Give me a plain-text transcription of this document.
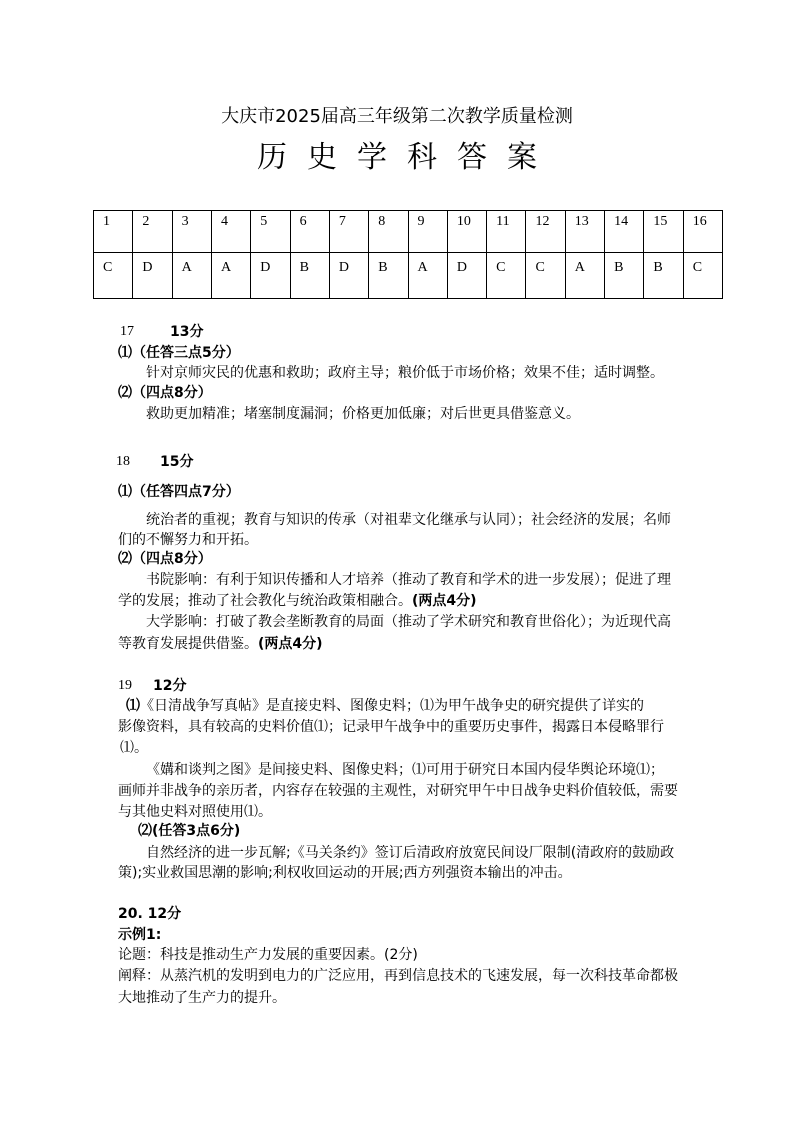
大庆市2025届高三年级第二次教学质量检测
历史学科答案
1	2	3	4	5	6	7	8	9	10	11	12	13	14	15	16
C	D	A	A	D	B	D	B	A	D	C	C	A	B	B	C
17	13分
⑴（任答三点5分）
针对京师灾民的优惠和救助；政府主导；粮价低于市场价格；效果不佳；适时调整。
⑵（四点8分）
救助更加精准；堵塞制度漏洞；价格更加低廉；对后世更具借鉴意义。
18 15分
⑴（任答四点7分）
统治者的重视；教育与知识的传承（对祖辈文化继承与认同）；社会经济的发展；名师
们的不懈努力和开拓。
⑵（四点8分）
书院影响：有利于知识传播和人才培养（推动了教育和学术的进一步发展）；促进了理
学的发展；推动了社会教化与统治政策相融合。(两点4分)
大学影响：打破了教会垄断教育的局面（推动了学术研究和教育世俗化）；为近现代高
等教育发展提供借鉴。(两点4分)
19 12分
⑴《日清战争写真帖》是直接史料、图像史料；⑴为甲午战争史的研究提供了详实的
影像资料，具有较高的史料价值⑴；记录甲午战争中的重要历史事件，揭露日本侵略罪行
⑴。
《媾和谈判之图》是间接史料、图像史料；⑴可用于研究日本国内侵华舆论环境⑴；
画师并非战争的亲历者，内容存在较强的主观性，对研究甲午中日战争史料价值较低，需要
与其他史料对照使用⑴。
⑵(任答3点6分)
自然经济的进一步瓦解;《马关条约》签订后清政府放宽民间设厂限制(清政府的鼓励政
策);实业救国思潮的影响;利权收回运动的开展;西方列强资本输出的冲击。
20. 12分
示例1:
论题：科技是推动生产力发展的重要因素。(2分)
阐释：从蒸汽机的发明到电力的广泛应用，再到信息技术的飞速发展，每一次科技革命都极
大地推动了生产力的提升。
